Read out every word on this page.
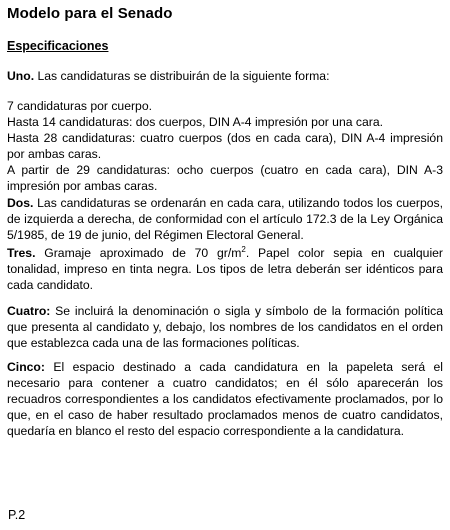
Modelo para el Senado
Especificaciones

Uno. Las candidaturas se distribuirán de la siguiente forma:

7 candidaturas por cuerpo.
Hasta 14 candidaturas: dos cuerpos, DIN A-4 impresión por una cara.
Hasta 28 candidaturas: cuatro cuerpos (dos en cada cara), DIN A-4 impresión por ambas caras.
A partir de 29 candidaturas: ocho cuerpos (cuatro en cada cara), DIN A-3 impresión por ambas caras.

Dos. Las candidaturas se ordenarán en cada cara, utilizando todos los cuerpos, de izquierda a derecha, de conformidad con el artículo 172.3 de la Ley Orgánica 5/1985, de 19 de junio, del Régimen Electoral General.

Tres. Gramaje aproximado de 70 $gr/m^2$. Papel color sepia en cualquier tonalidad, impreso en tinta negra. Los tipos de letra deberán ser idénticos para cada candidato.

Cuatro: Se incluirá la denominación o sigla y símbolo de la formación política que presenta al candidato y, debajo, los nombres de los candidatos en el orden que establezca cada una de las formaciones políticas.

Cinco: El espacio destinado a cada candidatura en la papeleta será el necesario para contener a cuatro candidatos; en él sólo aparecerán los recuadros correspondientes a los candidatos efectivamente proclamados, por lo que, en el caso de haber resultado proclamados menos de cuatro candidatos, quedaría en blanco el resto del espacio correspondiente a la candidatura.

P.2
